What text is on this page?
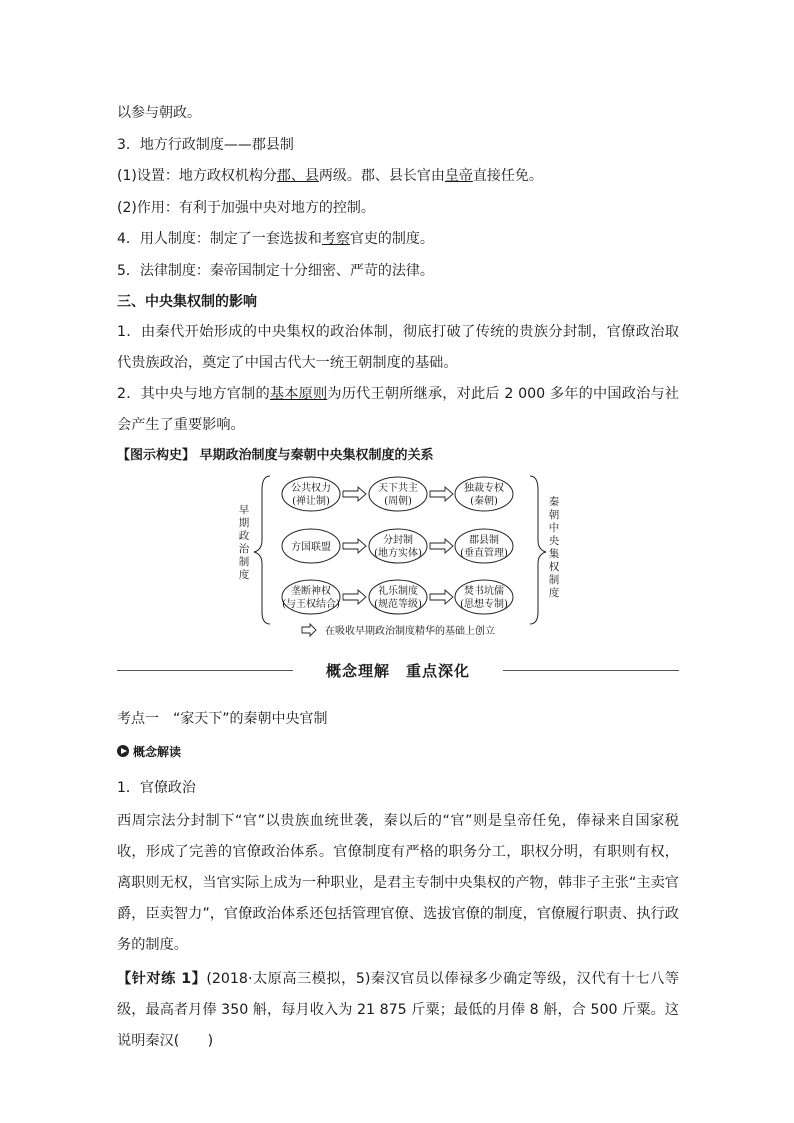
以参与朝政。
3．地方行政制度——郡县制
(1)设置：地方政权机构分郡、县两级。郡、县长官由皇帝直接任免。
(2)作用：有利于加强中央对地方的控制。
4．用人制度：制定了一套选拔和考察官吏的制度。
5．法律制度：秦帝国制定十分细密、严苛的法律。
三、中央集权制的影响
1．由秦代开始形成的中央集权的政治体制，彻底打破了传统的贵族分封制，官僚政治取代贵族政治，奠定了中国古代大一统王朝制度的基础。
2．其中央与地方官制的基本原则为历代王朝所继承，对此后 2 000 多年的中国政治与社会产生了重要影响。
【图示构史】 早期政治制度与秦朝中央集权制度的关系
公共权力
(禅让制)
天下共主
(周朝)
独裁专权
(秦朝)
方国联盟
分封制
(地方实体)
郡县制
(垂直管理)
垄断神权
(与王权结合)
礼乐制度
(规范等级)
焚书坑儒
(思想专制)
在吸收早期政治制度精华的基础上创立
早期政治制度
秦朝中央集权制度
概念理解　重点深化
考点一　“家天下”的秦朝中央官制
概念解读
1．官僚政治
西周宗法分封制下“官”以贵族血统世袭，秦以后的“官”则是皇帝任免，俸禄来自国家税收，形成了完善的官僚政治体系。官僚制度有严格的职务分工，职权分明，有职则有权，离职则无权，当官实际上成为一种职业，是君主专制中央集权的产物，韩非子主张“主卖官爵，臣卖智力”，官僚政治体系还包括管理官僚、选拔官僚的制度，官僚履行职责、执行政务的制度。
【针对练 1】(2018·太原高三模拟，5)秦汉官员以俸禄多少确定等级，汉代有十七八等级，最高者月俸 350 斛，每月收入为 21 875 斤粟；最低的月俸 8 斛，合 500 斤粟。这说明秦汉(　　)
